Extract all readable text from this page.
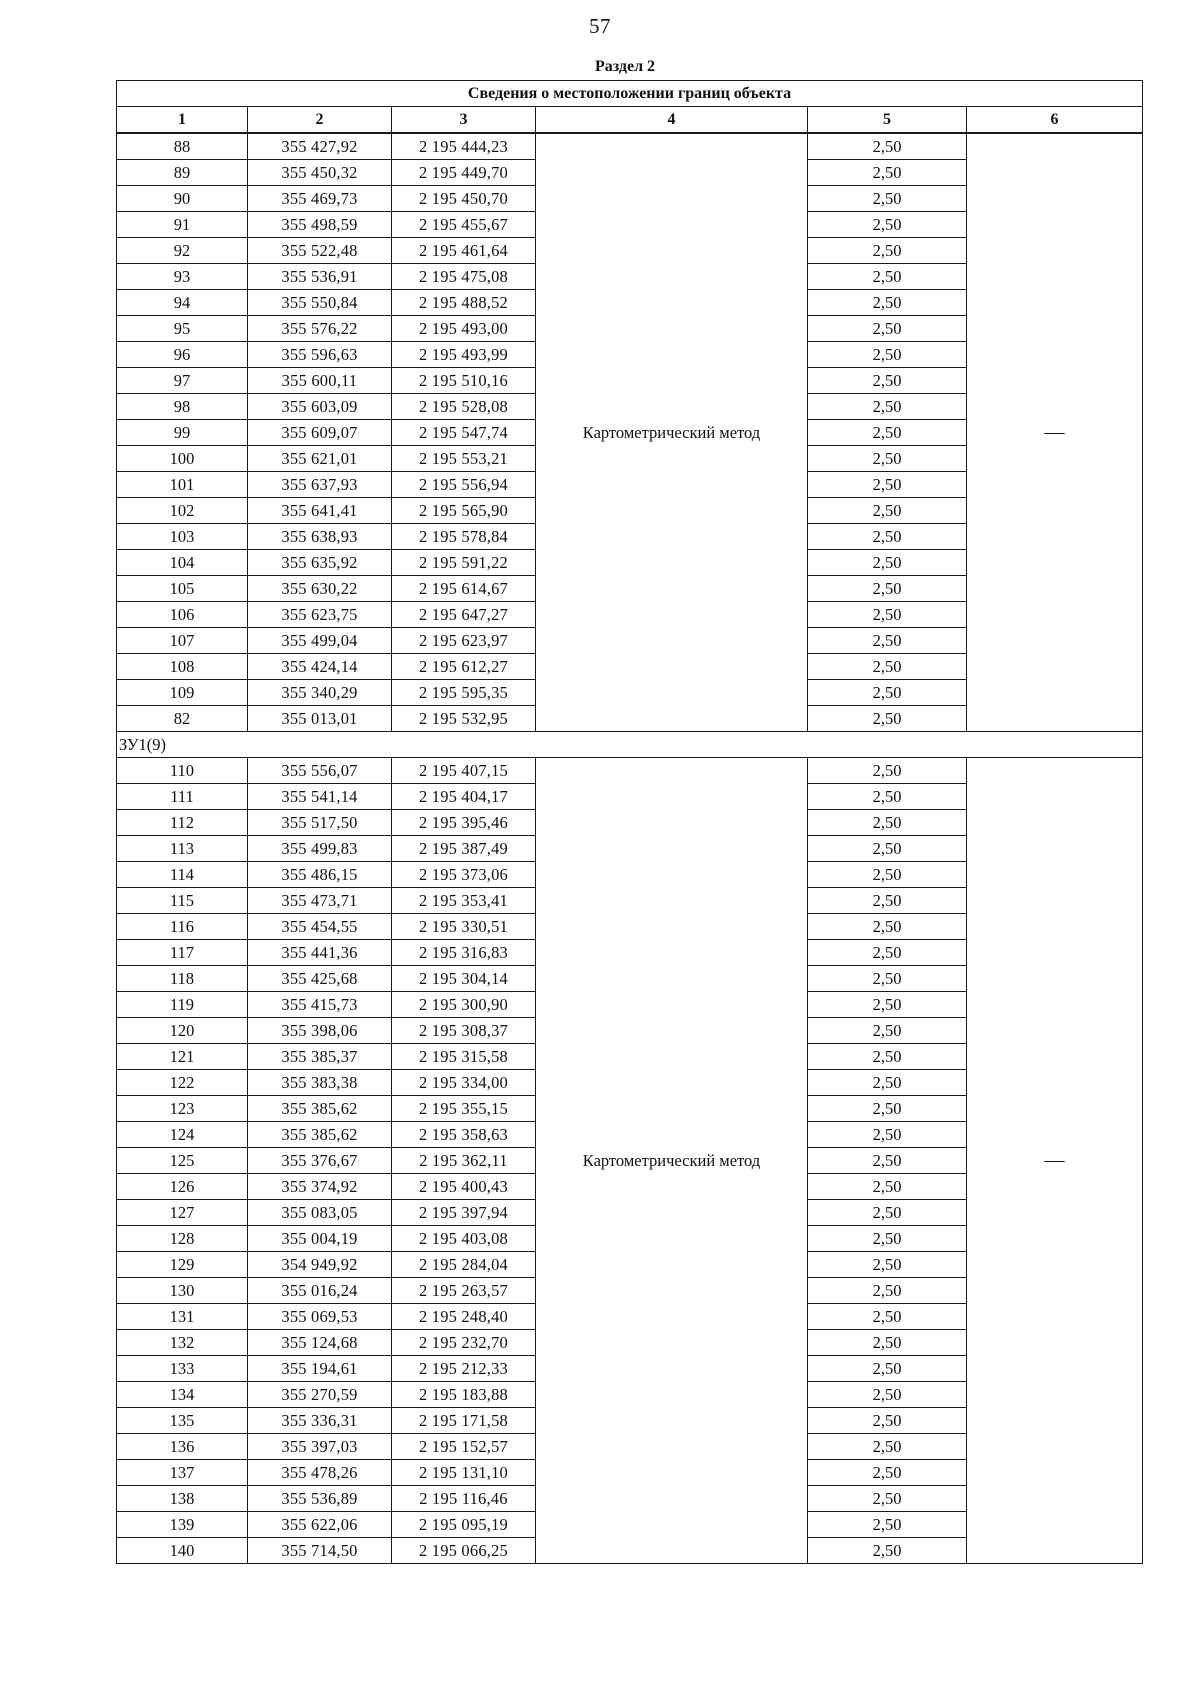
57
Раздел 2
Сведения о местоположении границ объекта					
1	2	3	4	5	6
88	355 427,92	2 195 444,23	Картометрический метод	2,50	—
89	355 450,32	2 195 449,70		2,50	
90	355 469,73	2 195 450,70		2,50	
91	355 498,59	2 195 455,67		2,50	
92	355 522,48	2 195 461,64		2,50	
93	355 536,91	2 195 475,08		2,50	
94	355 550,84	2 195 488,52		2,50	
95	355 576,22	2 195 493,00		2,50	
96	355 596,63	2 195 493,99		2,50	
97	355 600,11	2 195 510,16		2,50	
98	355 603,09	2 195 528,08		2,50	
99	355 609,07	2 195 547,74		2,50	
100	355 621,01	2 195 553,21		2,50	
101	355 637,93	2 195 556,94		2,50	
102	355 641,41	2 195 565,90		2,50	
103	355 638,93	2 195 578,84		2,50	
104	355 635,92	2 195 591,22		2,50	
105	355 630,22	2 195 614,67		2,50	
106	355 623,75	2 195 647,27		2,50	
107	355 499,04	2 195 623,97		2,50	
108	355 424,14	2 195 612,27		2,50	
109	355 340,29	2 195 595,35		2,50	
82	355 013,01	2 195 532,95		2,50	
ЗУ1(9)					
110	355 556,07	2 195 407,15	Картометрический метод	2,50	—
111	355 541,14	2 195 404,17		2,50	
112	355 517,50	2 195 395,46		2,50	
113	355 499,83	2 195 387,49		2,50	
114	355 486,15	2 195 373,06		2,50	
115	355 473,71	2 195 353,41		2,50	
116	355 454,55	2 195 330,51		2,50	
117	355 441,36	2 195 316,83		2,50	
118	355 425,68	2 195 304,14		2,50	
119	355 415,73	2 195 300,90		2,50	
120	355 398,06	2 195 308,37		2,50	
121	355 385,37	2 195 315,58		2,50	
122	355 383,38	2 195 334,00		2,50	
123	355 385,62	2 195 355,15		2,50	
124	355 385,62	2 195 358,63		2,50	
125	355 376,67	2 195 362,11		2,50	
126	355 374,92	2 195 400,43		2,50	
127	355 083,05	2 195 397,94		2,50	
128	355 004,19	2 195 403,08		2,50	
129	354 949,92	2 195 284,04		2,50	
130	355 016,24	2 195 263,57		2,50	
131	355 069,53	2 195 248,40		2,50	
132	355 124,68	2 195 232,70		2,50	
133	355 194,61	2 195 212,33		2,50	
134	355 270,59	2 195 183,88		2,50	
135	355 336,31	2 195 171,58		2,50	
136	355 397,03	2 195 152,57		2,50	
137	355 478,26	2 195 131,10		2,50	
138	355 536,89	2 195 116,46		2,50	
139	355 622,06	2 195 095,19		2,50	
140	355 714,50	2 195 066,25		2,50	
